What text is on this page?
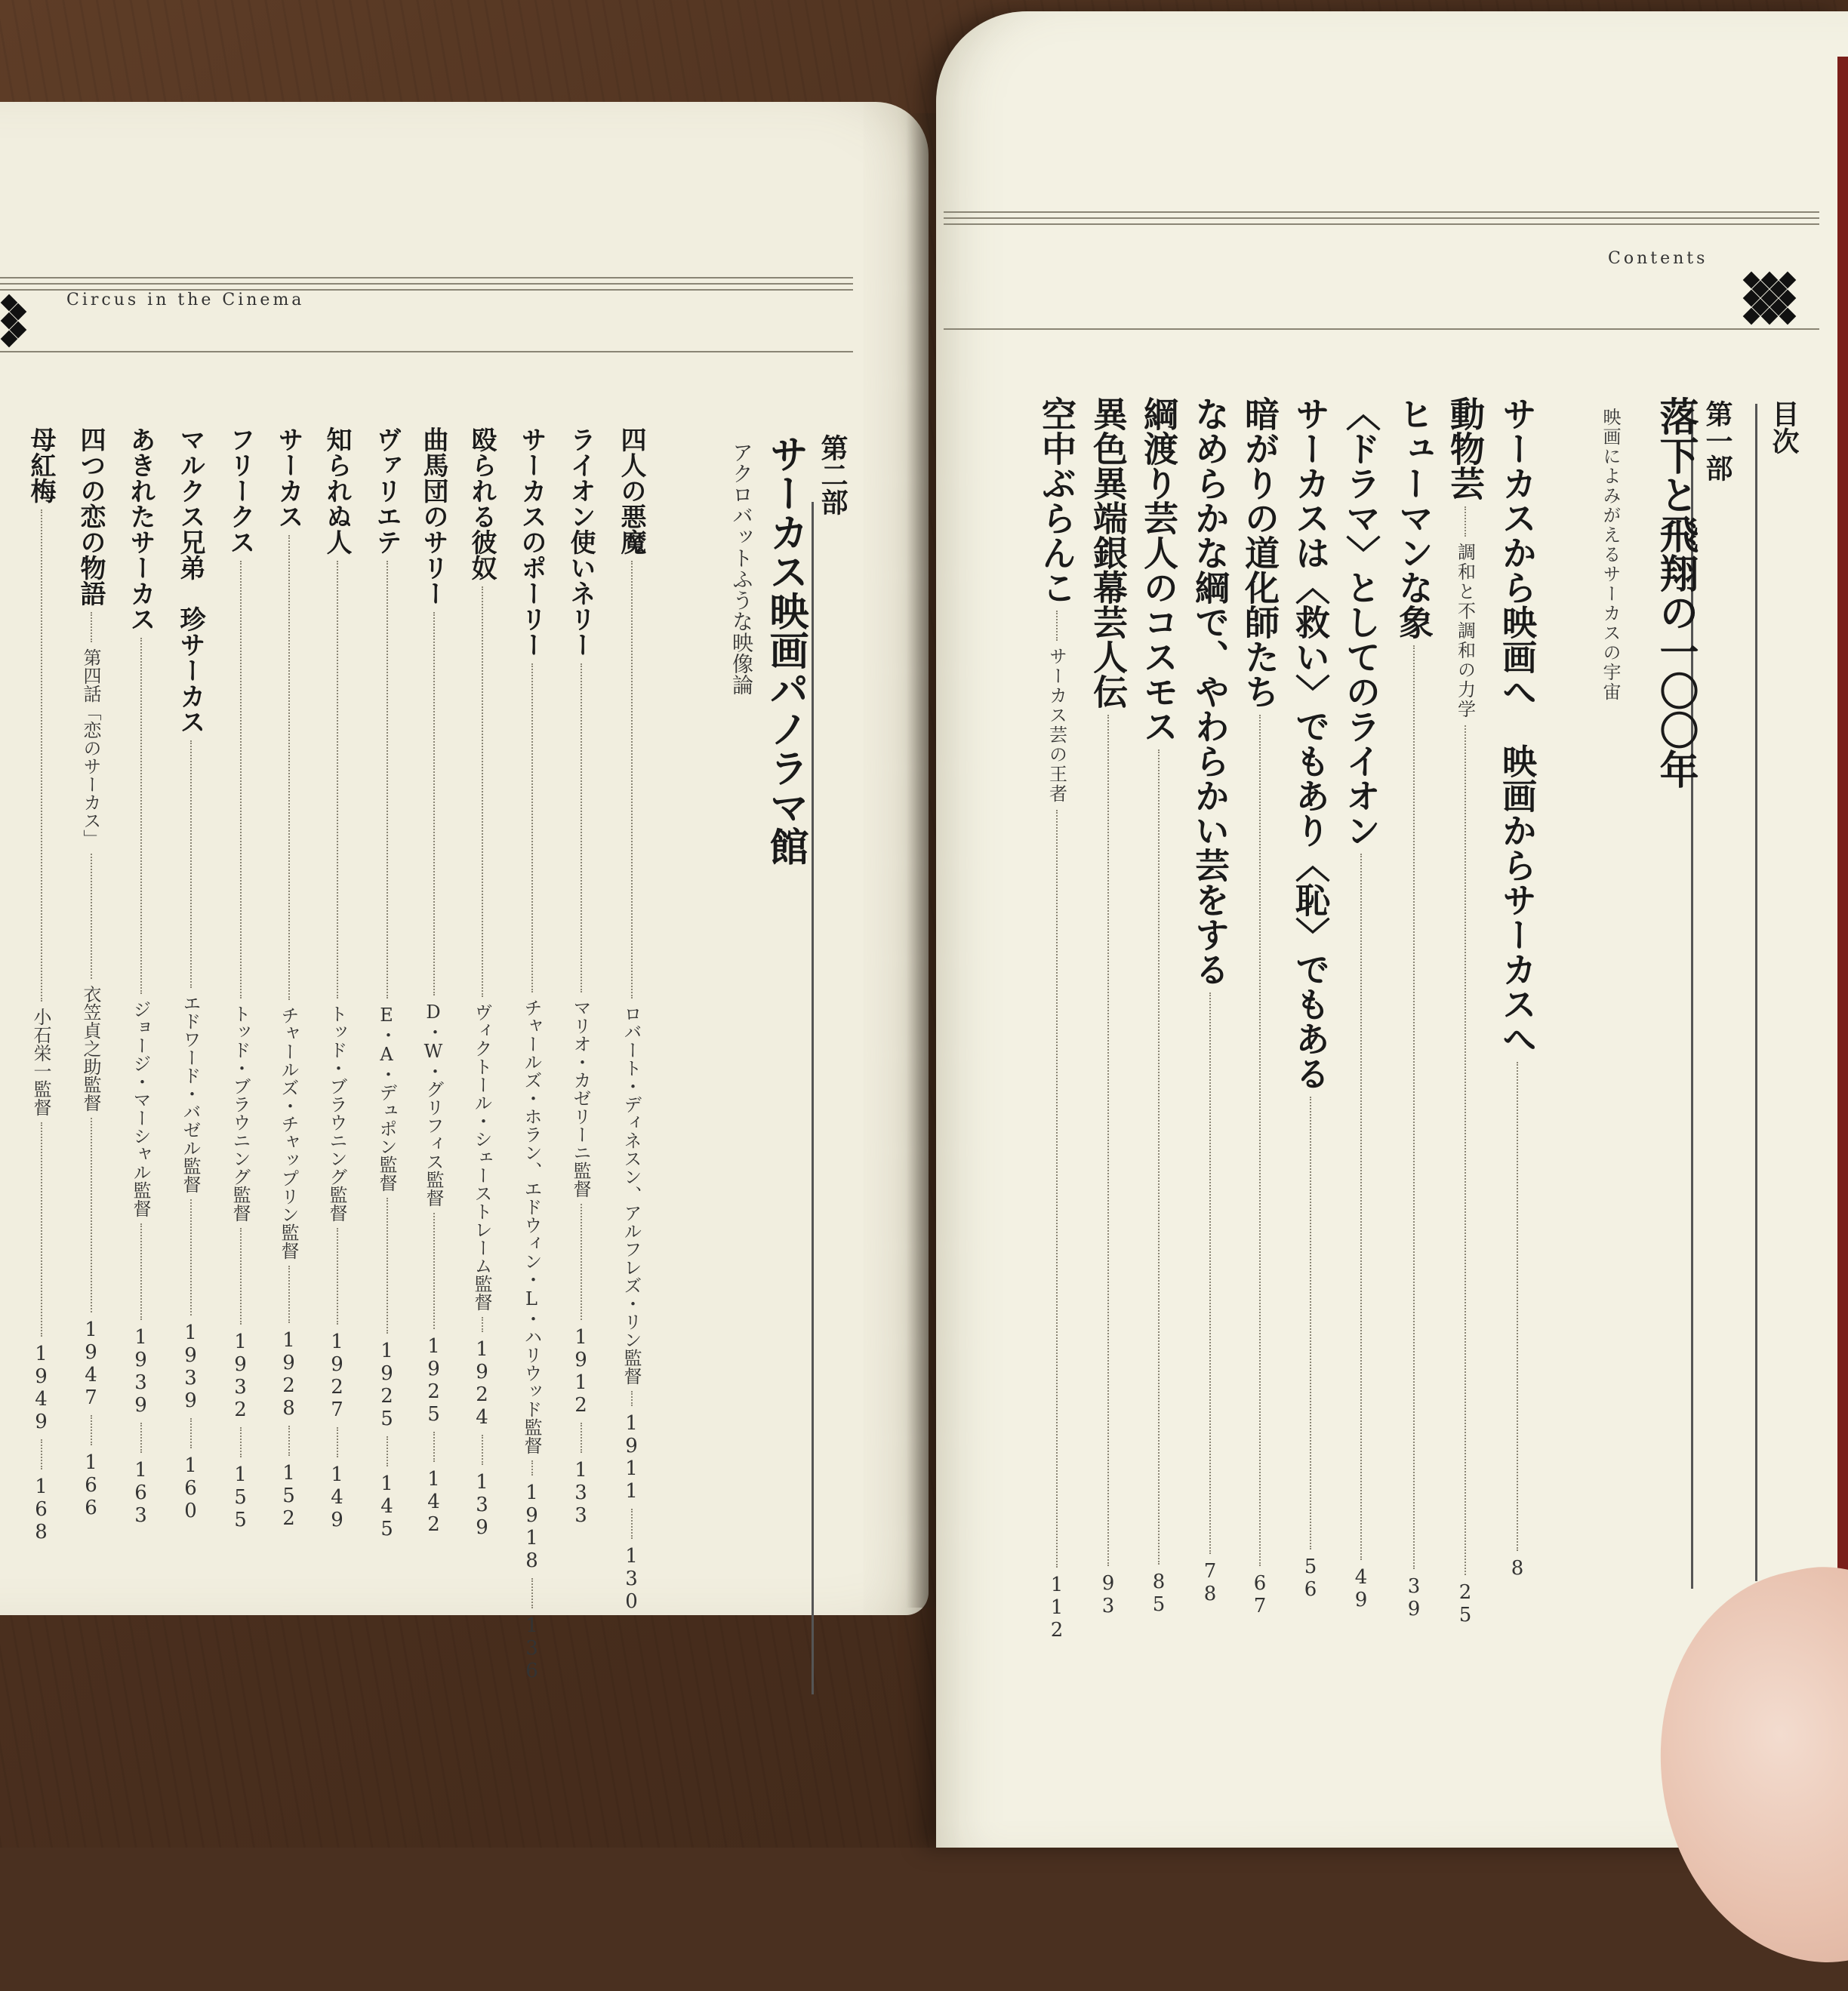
Circus in the Cinema
第二部
サーカス映画パノラマ館
アクロバットふうな映像論
四人の悪魔
ロバート・ディネスン、アルフレズ・リン監督
1911
130
ライオン使いネリー
マリオ・カゼリーニ監督
1912
133
サーカスのポーリー
チャールズ・ホラン、エドウィン・L・ハリウッド監督
1918
136
殴られる彼奴
ヴィクトール・シェーストレーム監督
1924
139
曲馬団のサリー
D・W・グリフィス監督
1925
142
ヴァリエテ
E・A・デュポン監督
1925
145
知られぬ人
トッド・ブラウニング監督
1927
149
サーカス
チャールズ・チャップリン監督
1928
152
フリークス
トッド・ブラウニング監督
1932
155
マルクス兄弟　珍サーカス
エドワード・バゼル監督
1939
160
あきれたサーカス
ジョージ・マーシャル監督
1939
163
四つの恋の物語
第四話「恋のサーカス」
衣笠貞之助監督
1947
166
母紅梅
小石栄一監督
1949
168
Contents
目次
第一部
落下と飛翔の一〇〇年
映画によみがえるサーカスの宇宙
サーカスから映画へ　映画からサーカスへ
8
動物芸
調和と不調和の力学
25
ヒューマンな象
39
〈ドラマ〉としてのライオン
49
サーカスは〈救い〉でもあり〈恥〉でもある
56
暗がりの道化師たち
67
なめらかな綱で、やわらかい芸をする
78
綱渡り芸人のコスモス
85
異色異端銀幕芸人伝
93
空中ぶらんこ
サーカス芸の王者
112
